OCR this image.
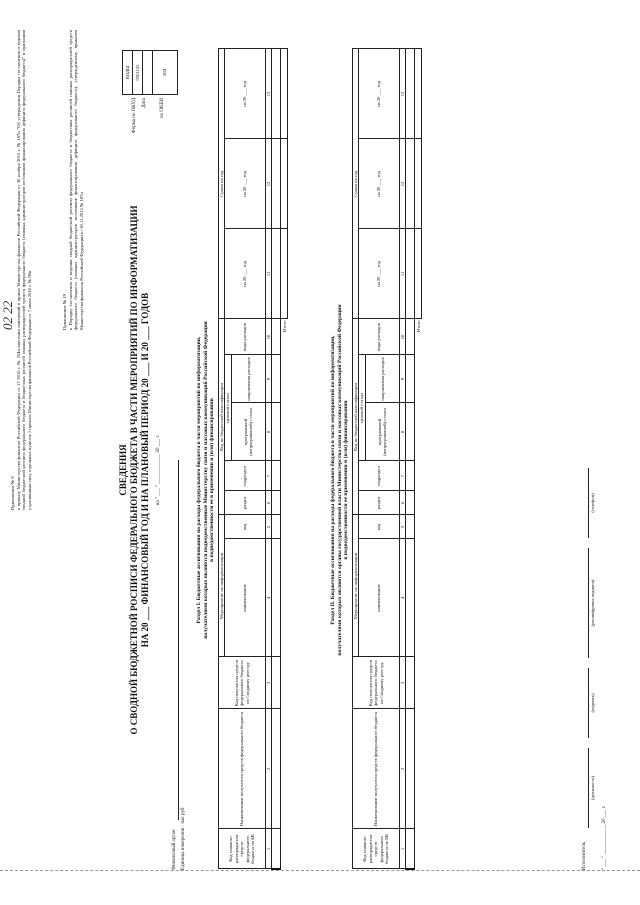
Приложение № 8 к приказу Министерства финансов Российской Федерации от 17 2016 г. № 254н внесении изменений в приказ Министерства финансов Российской Федерации от 30 ноября 2015 г. № 187н "Об утверждении Порядка составления и ведения сводной бюджетной росписи федерального бюджета и бюджетных росписей главных распорядителей средств федерального бюджета (главных администраторов источников финансирования дефицита федерального бюджета)" и признании утратившими силу отдельных пунктов 1 приказа Министерства финансов Российской Федерации от 7 июля 2016 г. № 98н
02 22	Приложение № 19 к Порядку составления и ведения сводной бюджетной росписи федерального бюджета и бюджетных росписей главных распорядителей средств федерального бюджета (главных администраторов источников финансирования дефицита федерального бюджета), утвержденному приказом Министерства финансов Российской Федерации от 30.11.2015 № 187н
СВЕДЕНИЯ О СВОДНОЙ БЮДЖЕТНОЙ РОСПИСИ ФЕДЕРАЛЬНОГО БЮДЖЕТА В ЧАСТИ МЕРОПРИЯТИЙ ПО ИНФОРМАТИЗАЦИИ НА 20 ___ ФИНАНСОВЫЙ ГОД И НА ПЛАНОВЫЙ ПЕРИОД 20 ___ И 20 ___ ГОДОВ на " ___ " ____________ 20 ___ г.
КОДЫ
0501155

384
Форма по ОКУД Дата	по ОКЕИ
Финансовый орган Единица измерения : тыс руб
Раздел I. Бюджетные ассигнования на расходы федерального бюджета в части мероприятий по информатизации, получателями которых являются подведомственные Министерству связи и массовых коммуникаций Российской Федерации в подведомственности ее в применении и (или) финансировании
Код главного распорядителя средств федерального бюджета по БК	Наименование получателя средств федерального бюджета	Код получателя средств федерального бюджета по Сводному реестру	Мероприятие по информатизации		Код по бюджетной классификации					Сумма на год		
			наименование	код	раздел	подраздел	целевой статьи		вида расходов	на 20 ___ год	на 20 ___ год	на 20 ___ год
							программной (непрограммной) статьи	направления расходов				
1	2	3	4	5	6	7	8	9	10	11	12	13

Итого												
Раздел II. Бюджетные ассигнования на расходы федерального бюджета в части мероприятий по информатизации, получателями которых являются органы государственной власти Министерства связи и массовых коммуникаций Российской Федерации в подведомственности ее применении и (или) финансировании
Код главного распорядителя средств федерального бюджета по БК	Наименование получателя средств федерального бюджета	Код получателя средств федерального бюджета по Сводному реестру	Мероприятие по информатизации		Код по бюджетной классификации					Сумма на год		
			наименование	код	раздел	подраздел	целевой статьи		вида расходов	на 20 ___ год	на 20 ___ год	на 20 ___ год
							программной (непрограммной) статьи	направления расходов				
1	2	3	4	5	6	7	8	9	10	11	12	13

Итого												
Исполнитель
(должность)
(подпись)
(расшифровка подписи)
(телефон)
" ___ " ____________ 20 ___ г.
